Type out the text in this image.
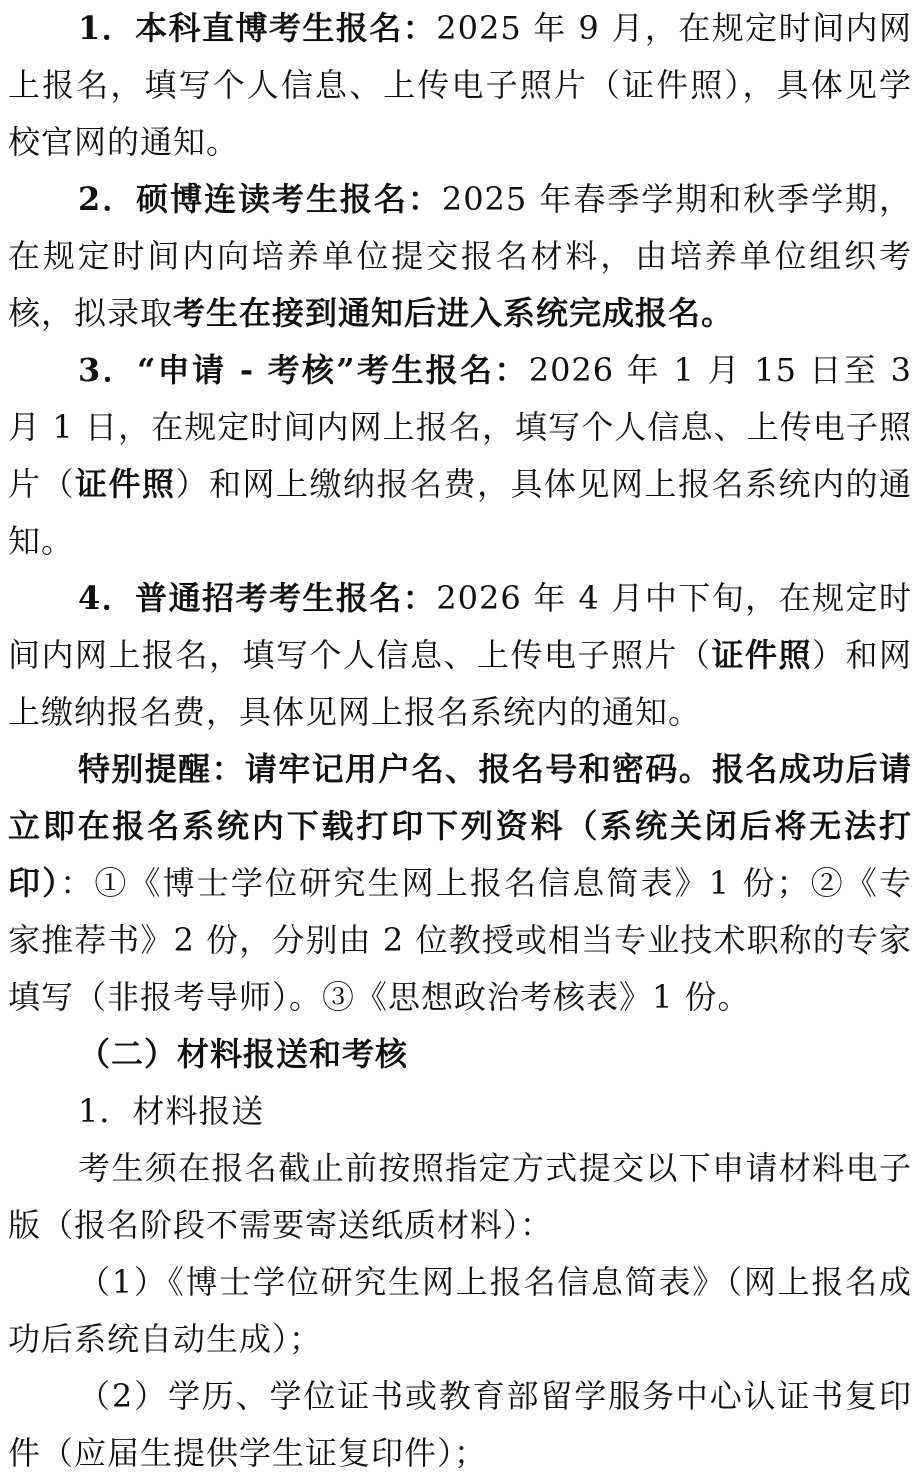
1．本科直博考生报名：2025 年 9 月，在规定时间内网上报名，填写个人信息、上传电子照片（证件照），具体见学校官网的通知。

2．硕博连读考生报名：2025 年春季学期和秋季学期，在规定时间内向培养单位提交报名材料，由培养单位组织考核，拟录取考生在接到通知后进入系统完成报名。

3．“申请 - 考核”考生报名：2026 年 1 月 15 日至 3 月 1 日，在规定时间内网上报名，填写个人信息、上传电子照片（证件照）和网上缴纳报名费，具体见网上报名系统内的通知。

4．普通招考考生报名：2026 年 4 月中下旬，在规定时间内网上报名，填写个人信息、上传电子照片（证件照）和网上缴纳报名费，具体见网上报名系统内的通知。

特别提醒：请牢记用户名、报名号和密码。报名成功后请立即在报名系统内下载打印下列资料（系统关闭后将无法打印）：①《博士学位研究生网上报名信息简表》1 份；②《专家推荐书》2 份，分别由 2 位教授或相当专业技术职称的专家填写（非报考导师）。③《思想政治考核表》1 份。

（二）材料报送和考核

1．材料报送

考生须在报名截止前按照指定方式提交以下申请材料电子版（报名阶段不需要寄送纸质材料）：

（1）《博士学位研究生网上报名信息简表》（网上报名成功后系统自动生成）；

（2）学历、学位证书或教育部留学服务中心认证书复印件（应届生提供学生证复印件）；
